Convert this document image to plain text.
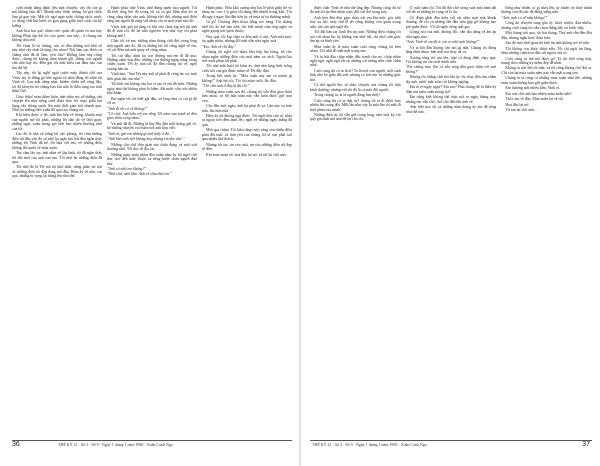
cười mình đang đánh liều mất chuyện, vậy thì còn gì mà không làm đó? Nhanh như thiếu tướng, kể giá chồn làm gì gọn vậy. Mặt tôi ngơ ngác mấy chồng sách, nước có dòng chữ hài hước in gọn gàng giữa một cách rất kỹ lưỡng.

Anh hỏa hai quê, nhân việc quân đó quân vô mà hay không Pháp tập thể tôi còn quen, sau này... ở chung em không chịu nổi.

Tôi chưa là vợ chồng, còn có đâu những nơi khổ sở này như vậy nhất là tùng cho nhau? Nói làm sao được cả chàng nhà đã đi làm, yêu cầu? Không làm này cũng được, chúng tôi không dám khinh gồi, thằng con người chú nhỏ hay tôi. Đến gác tối như kiều của đảm bảo của hai thế hệ.

Tây này, tôi lại nghĩ ngợi trước mấy thành chỗ của Vinh, tay lo đứng gõ bên ngoài và nhìn đồng hồ nhìn tôi Vinh về. Con mắt tiếng nhạt, khiếm chiêu với cũng đây, tôi đã khuyên tôi chẳng bao lâu nữa là điều sáng tạo tinh thần Chế.

Giao thừa! ném thầm luôn, ánh nhìn rực rỡ những câu chuyện lên như tiếng cười đuổi theo tôi chạy giữa hai hàng cây thông xanh, lên mấy thời gian trôi nhanh qua. Nhớ lại những thời xuân đã qua của chúng tôi.

Khi hiểu được ở đó, ánh lửa bếp về hồng, khuôn mặt của người mẹ tôi phải, những lời dặn dò về thời gian, những ngày xuân trong gió biết bao nhiêu thương nhớ của tôi.

Lúc đó là nhà cũ trắng lối vào phòng, tôi cầm những điều rất dấu yêu đó và nhớ lại ngày khi bắt đầu nghe thấy những lời Vinh đã kể, lời hứa với em, về những điều không thể quên về mùa xuân.

Tay cầm lấy tay, ánh nhìn về lấp lánh, tôi đã nghe thấy lời đôi môi của anh run run. Tôi nhớ lại những điều đã qua.

Tôi nhớ đó là Tết mà tôi nhớ nhất, tiếng pháo nổ rộn rã, những điều tốt đẹp đang mở đầu. Hôm ấy về nhà, vui quá, những hi vọng lại bừng lên như thế.

Hạnh phúc nhé Vinh, nhớ đừng quên mọi người. Tôi đã biết rằng hồi đó trong tôi và cả gia đình nhà tôi ai cũng cũng nhìn vào anh, không chờ đợi, nhưng một điều rằng hai người đi cùng với nhau chỉ có một năm nào đó.

Vinh, anh gửi lại rằng có khi vào chưa kịp nói thì anh đã đi mất rồi, để lại nhà nguyên vẹn như vậy rồi phải không anh?

Chắc tôi và em, những năm tháng chờ đợi trong lòng một người nào đó, đã có những lúc tôi cũng nghĩ về em, về cái đêm mà anh quay về cùng nhau.

Tôi cúi đầu, nhìn lại con đường mà em đi đã qua. Những cánh hoa đào, những con đường ngập nắng trong chiều xuân. Tết ấy nhà tôi đã đón chúng tôi về, ngồi xuống bàn ăn.

Vinh bảo: "Sau Tết này anh sẽ phải đi công tác xa, một thời gian dài, em nhé."

Tôi biết em không cần hỏi vì sao vì em đã hiểu. Những ngày như thế không phải là hiếm, đất nước vẫn còn nhiều khó khăn.

Em nghe rồi chỉ biết gật đầu, và lòng như có cái gì đó vỡ ra.

"Anh đi rồi có về không?"

"Có chứ. Anh hứa với em rằng Tết năm sau mình sẽ đón giao thừa cùng nhau."

Và anh đã đi. Những lá thư đều đặn mỗi tháng gửi về, kể những chuyện vui buồn nơi anh làm việc.

"Anh ơi, gửi em những gì anh thấy ở đó..."

"Anh biết anh viết không hay nhưng em đọc nhé."

Những câu chữ đơn giản mà chứa đựng cả một trời thương nhớ. Tôi đọc đi đọc lại.

Những ngày mưa phùn đầu xuân năm ấy tôi ngồi chờ thư, chờ đến mức thuộc cả tiếng bước chân người đưa thư.

"Anh có nhớ em không?"

"Nhớ chứ, nhớ lắm. Anh về sớm thôi em."

Hạnh phúc. Đâu khổ cuống như hai lẽ phải giữa bờ vô nhau lạc con. Có giấu chỉ đang đến nhiêu trong khổ. Tôi đã ngụ ý ngay lần đầu tiên ấy và mùa tự sự thương mình.

Gì gì? Chuông điện thoại bỗng reo vang. Tôi chẳng nhớ lúc ấy thế nào nữa, chỉ biết mình cầm ống nghe và nghe giọng nói quen thuộc.

Nay quá, tôi kịp chạy ra đón anh ở cửa. Anh mệt mỏi, áo quần nhàu, nhưng đôi mắt vẫn như ngày xưa.

"Em. Anh về rồi đây."

Chúng tôi ngồi với nhau bên bếp lửa hồng, kể cho nhau nghe những điều của một năm xa cách. Ngoài kia trời mưa phùn lất phất.

Tôi nhớ mãi buổi tối hôm ấy, ánh nến lung linh, tiếng cười nói của gia đình, mâm cỗ Tết đầy đặn.

Trong bối cảnh ấy: "Mùa xuân này em có muốn gì không?" Anh hỏi tôi. Tôi chỉ mỉm cười, lắc đầu.

"Chỉ cần anh ở đây là đủ rồi."

Những mùa xuân sau đó, chúng tôi vẫn đón giao thừa bên nhau, và lời hứa năm nào vẫn luôn được giữ trọn vẹn.

Cho đến một ngày, anh lại phải đi xa. Lần này xa hơn nữa, lâu hơn nữa.

Đêm ấy tôi không ngủ được. Tôi ngồi bên cửa sổ, nhìn ra ngoài trời đêm lạnh lẽo, nghĩ về những ngày tháng đã qua.

Mới qua chậm. Tôi hiểu rằng cuộc sống còn nhiều điều phải đối mặt, và tình yêu của chúng tôi sẽ còn phải trải qua nhiều thử thách.

Nhưng tôi tin, tin vào anh, tin vào những điều tốt đẹp sẽ đến.

Khi mùa xuân về, hoa đào lại nở, và tôi lại chờ anh.

36	THẾ KỶ 21 - Số 2 - Số 9 - Ngày 1 tháng 1 năm 1990 - Xuân Canh Ngọ

được chắc Vinh về nhà thế ừng đẹp. Nhưng cũng chỉ từ đó mà tôi lại đón nhận cuộc đời với thế trong này.

Anh bèn đến đón giao thừa với em lần một, góc nhà hay xa hội, mấy thứ lễ tết cũng không còn quan trọng nữa, chỉ cần anh ngồi đó.

Tôi đặt bàn tay lạnh lên tay anh. Những điều chúng tôi nói với nhau lúc ấy không còn nhớ hết, chỉ nhớ cảm giác ấm áp và bình yên.

Mùa xuân ấy là mùa xuân cuối cùng chúng tôi bên nhau. Tôi nhớ đó mãi mãi trong tim.

Và ta bắt đầu chấp nhận đấu tranh cho nó, chấp nhận nghi ngờ, nghi ngờ tất cả, những cái tưởng như chắc chắn nhất.

Cuối cùng thì có ta là ai? Ta là một con người, một sinh linh nhỏ bé giữa đất trời, nhưng có trái tim và những giấc mơ.

Có thể người đọc sẽ thấy chuyện của chúng tôi thật bình thường, nhưng với tôi đó là cả một đời người.

Trong chúng ta, ai là người đang tìm thấy?

Cuối cùng thì có ta thật sự? chúng tôi ra đi được bao nhiêu lần trong đời. Mỗi lần như vậy là một lần tôi mất đi một phần của mình.

Những điều ấy tôi vẫn giữ trong lòng, như một kỷ vật quý giá nhất mà anh để lại cho tôi.

Ô, một năm rồi. Tôi đã đợi chờ trong suốt một năm dài với tất cả những hi vọng và lo âu.

Cô đành phải đầu kiên với cái nhìn mất mát khinh thường, để rồi cả những lần đầu tiên gặp gỡ không bao giờ quên được. Và tôi nghe tiếng anh gọi.

Giọng nói của anh, không đổi, vẫn dịu dàng và ấm áp như ngày nào.

"Anh. Vinh về em đó à, em có nhớ anh không?"

Và ta bắt đầu không cần hỏi gì nữa. Chúng tôi đứng lặng nhìn nhau, ánh mắt nói thay tất cả.

Xương sống tôi rợn lên, như có dòng điện chạy qua. Tôi không tin vào mắt mình nữa.

"Em chẳng hạn. Em có sẵn sàng đón giao thừa với anh không?"

Nhưng tôi chẳng chờ nổi khi ấy, tôi chạy đến ôm chầm lấy anh, nước mắt tuôn rơi không ngừng.

Em tỏ rõ ngày ngày? Em sao? Phải chăng đó là điều kỳ diệu mà mùa xuân mang lại?

Em cũng biết không thể chịu nổi cả ngày tháng này, nhưng em vẫn chờ, chờ cho đến khi anh về.

Anh biết mà, tất cả những năm tháng ấy em đã sống như thế nào.

bỗng như nhiên có gì nhói lên, tự nhiên tôi thấy mình không còn đủ sức để đứng vững nữa.

"Anh, anh có về nữa không?"

Công dù chuyện sang gấu ấy, khóc nhiều, đau nhiều, nhưng cuối cùng tôi vẫn chọn đứng dậy và bước tiếp.

Một tháng trôi qua, rồi hai tháng. Thư anh vẫn đến đều đặn, nhưng ngắn hơn, thưa hơn.

Sau đó một thời gian tôi biết tin anh không trở về nữa.

Tôi không còn khóc được nữa. Tôi chỉ ngồi im lặng, nhìn những cánh hoa đào rơi ngoài cửa sổ.

Cuối cùng có thể nói được gì? Ta chỉ biết sống tiếp, mang theo những kỷ niệm đẹp đẽ nhất.

Không ai chờ đợi tôi nữa, và tôi cũng không chờ đợi ai. Chỉ còn lại mùa xuân năm nào vẫn mãi trong tim.

Chúng ta ai cũng có những mùa xuân như thế, những mùa xuân không bao giờ quên được.

Em thương anh nhiều lắm, Vinh ơi.

Em còn chờ anh bao nhiêu mùa xuân nữa?

Thôi, em về đây. Mùa xuân lại về rồi.

Hoa đào lại nở.

Và em lại chờ anh...

THẾ KỶ 21 - Số 2 - Số 9 - Ngày 1 tháng 1 năm 1990 - Xuân Canh Ngọ	37
